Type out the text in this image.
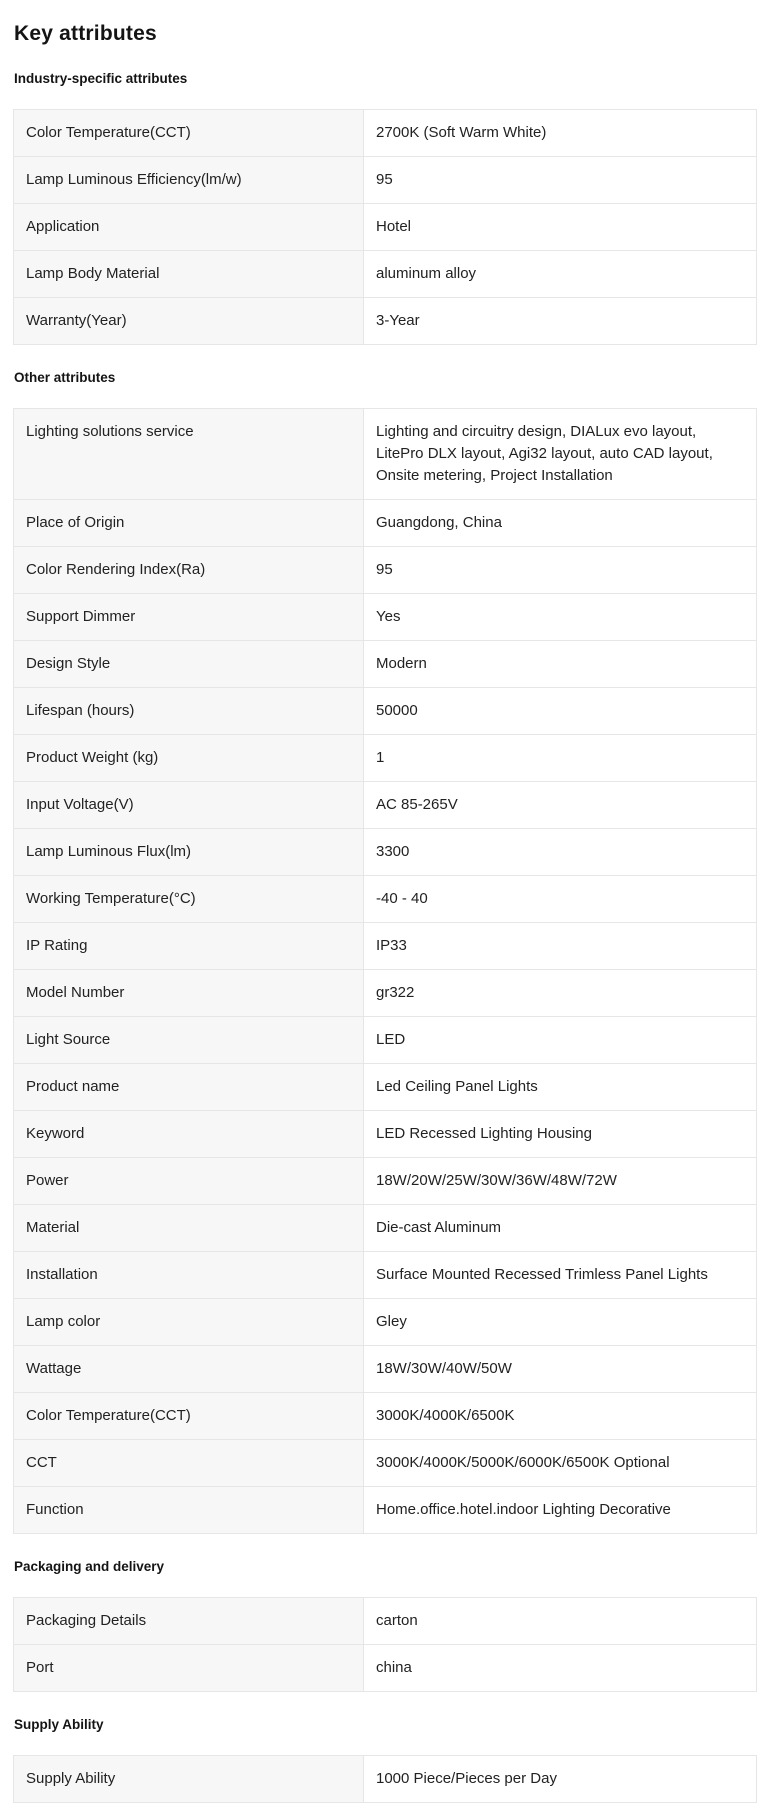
Key attributes
Industry-specific attributes
Color Temperature(CCT)	2700K (Soft Warm White)
Lamp Luminous Efficiency(lm/w)	95
Application	Hotel
Lamp Body Material	aluminum alloy
Warranty(Year)	3-Year
Other attributes
Lighting solutions service	Lighting and circuitry design, DIALux evo layout, LitePro DLX layout, Agi32 layout, auto CAD layout, Onsite metering, Project Installation
Place of Origin	Guangdong, China
Color Rendering Index(Ra)	95
Support Dimmer	Yes
Design Style	Modern
Lifespan (hours)	50000
Product Weight (kg)	1
Input Voltage(V)	AC 85-265V
Lamp Luminous Flux(lm)	3300
Working Temperature(°C)	-40 - 40
IP Rating	IP33
Model Number	gr322
Light Source	LED
Product name	Led Ceiling Panel Lights
Keyword	LED Recessed Lighting Housing
Power	18W/20W/25W/30W/36W/48W/72W
Material	Die-cast Aluminum
Installation	Surface Mounted Recessed Trimless Panel Lights
Lamp color	Gley
Wattage	18W/30W/40W/50W
Color Temperature(CCT)	3000K/4000K/6500K
CCT	3000K/4000K/5000K/6000K/6500K Optional
Function	Home.office.hotel.indoor Lighting Decorative
Packaging and delivery
Packaging Details	carton
Port	china
Supply Ability
Supply Ability	1000 Piece/Pieces per Day
